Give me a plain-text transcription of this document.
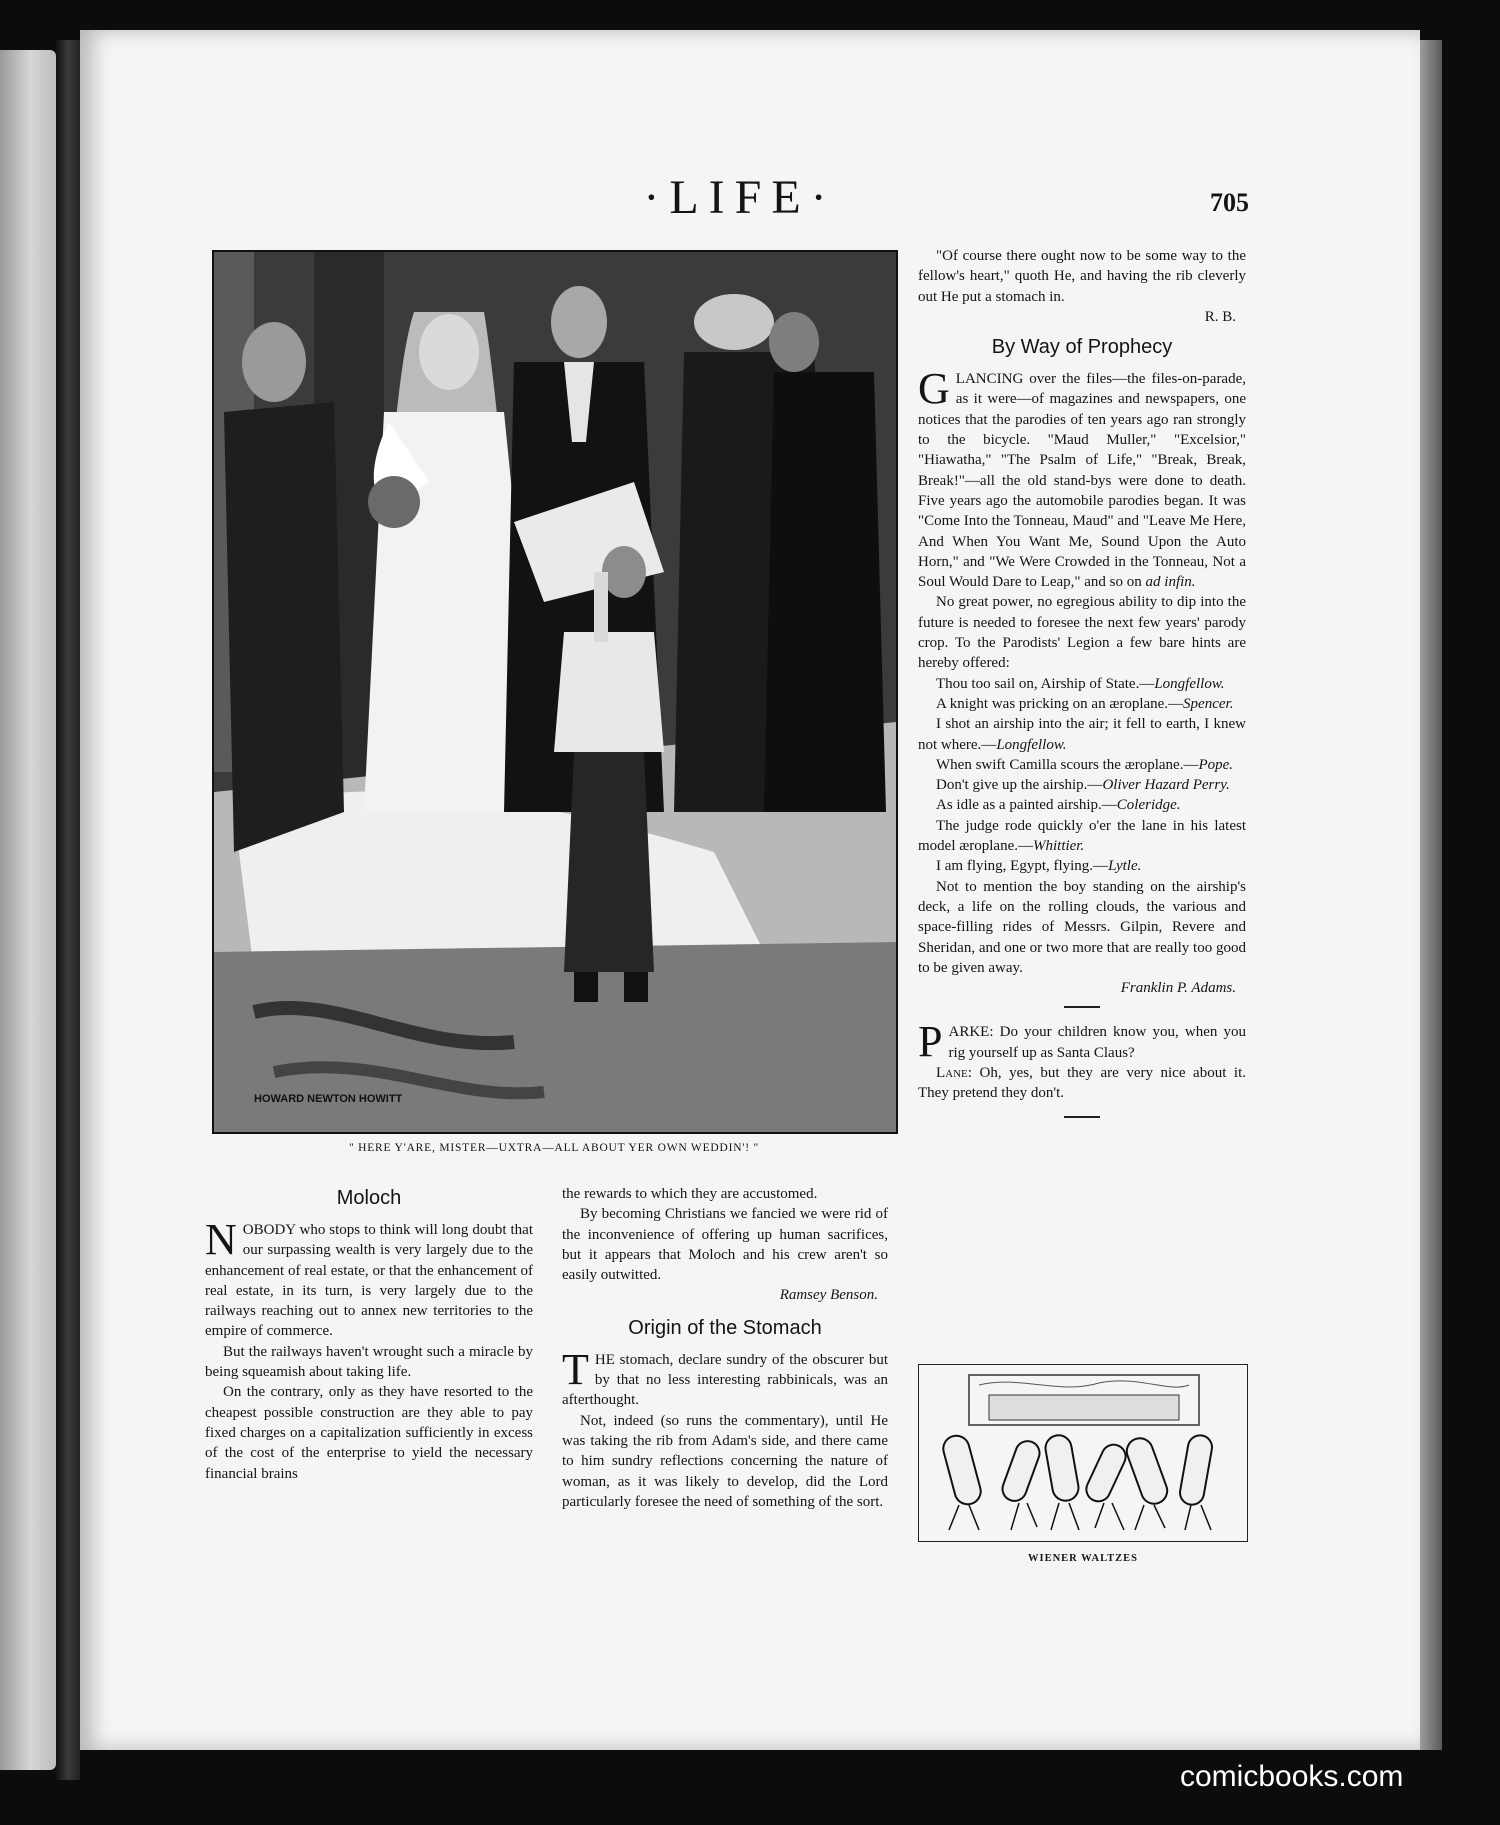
·LIFE·	705
HOWARD NEWTON HOWITT
" HERE Y'ARE, MISTER—UXTRA—ALL ABOUT YER OWN WEDDIN'! "
Moloch

NOBODY who stops to think will long doubt that our surpassing wealth is very largely due to the enhancement of real estate, or that the enhancement of real estate, in its turn, is very largely due to the railways reaching out to annex new territories to the empire of commerce.

But the railways haven't wrought such a miracle by being squeamish about taking life.

On the contrary, only as they have resorted to the cheapest possible construction are they able to pay fixed charges on a capitalization sufficiently in excess of the cost of the enterprise to yield the necessary financial brains

the rewards to which they are accustomed.

By becoming Christians we fancied we were rid of the inconvenience of offering up human sacrifices, but it appears that Moloch and his crew aren't so easily outwitted.

Ramsey Benson.

Origin of the Stomach

THE stomach, declare sundry of the obscurer but by that no less interesting rabbinicals, was an afterthought.

Not, indeed (so runs the commentary), until He was taking the rib from Adam's side, and there came to him sundry reflections concerning the nature of woman, as it was likely to develop, did the Lord particularly foresee the need of something of the sort.

"Of course there ought now to be some way to the fellow's heart," quoth He, and having the rib cleverly out He put a stomach in.

R. B.

By Way of Prophecy

GLANCING over the files—the files-on-parade, as it were—of magazines and newspapers, one notices that the parodies of ten years ago ran strongly to the bicycle. "Maud Muller," "Excelsior," "Hiawatha," "The Psalm of Life," "Break, Break, Break!"—all the old stand-bys were done to death. Five years ago the automobile parodies began. It was "Come Into the Tonneau, Maud" and "Leave Me Here, And When You Want Me, Sound Upon the Auto Horn," and "We Were Crowded in the Tonneau, Not a Soul Would Dare to Leap," and so on ad infin.

No great power, no egregious ability to dip into the future is needed to foresee the next few years' parody crop. To the Parodists' Legion a few bare hints are hereby offered:

Thou too sail on, Airship of State.—Longfellow.

A knight was pricking on an æroplane.—Spencer.

I shot an airship into the air; it fell to earth, I knew not where.—Longfellow.

When swift Camilla scours the æroplane.—Pope.

Don't give up the airship.—Oliver Hazard Perry.

As idle as a painted airship.—Coleridge.

The judge rode quickly o'er the lane in his latest model æroplane.—Whittier.

I am flying, Egypt, flying.—Lytle.

Not to mention the boy standing on the airship's deck, a life on the rolling clouds, the various and space-filling rides of Messrs. Gilpin, Revere and Sheridan, and one or two more that are really too good to be given away.

Franklin P. Adams.

PARKE: Do your children know you, when you rig yourself up as Santa Claus?

Lane: Oh, yes, but they are very nice about it. They pretend they don't.

WIENER WALTZES
comicbooks.com
